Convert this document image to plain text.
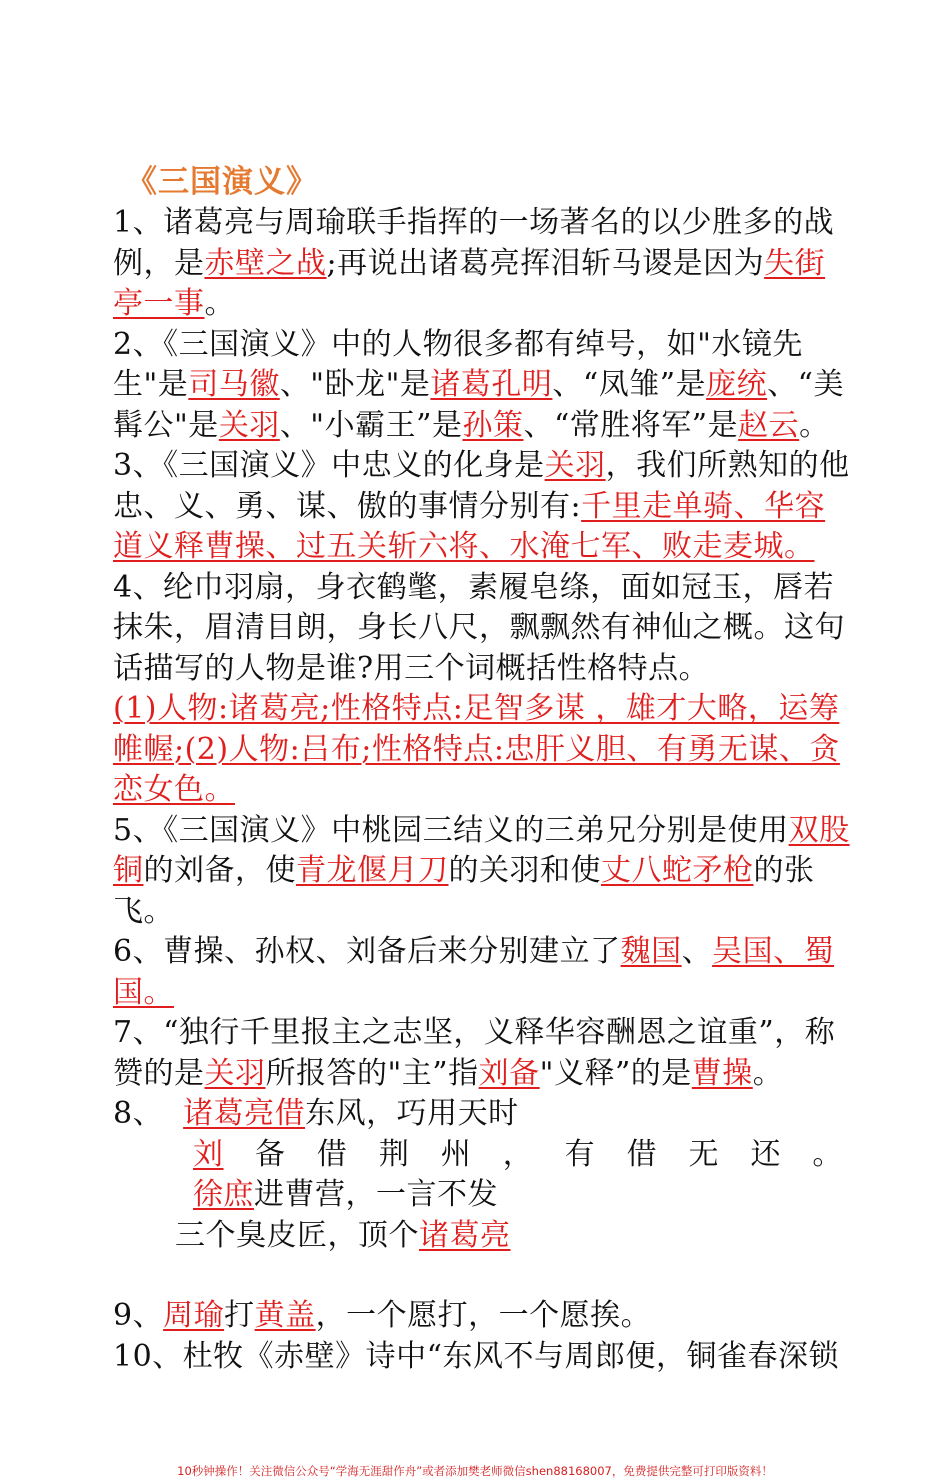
《三国演义》
1、诸葛亮与周瑜联手指挥的一场著名的以少胜多的战例，是赤壁之战;再说出诸葛亮挥泪斩马谡是因为失街亭一事。
2、《三国演义》中的人物很多都有绰号，如"水镜先生"是司马徽、"卧龙"是诸葛孔明、“凤雏”是庞统、“美髯公"是关羽、"小霸王”是孙策、“常胜将军”是赵云。
3、《三国演义》中忠义的化身是关羽，我们所熟知的他忠、义、勇、谋、傲的事情分别有:千里走单骑、华容道义释曹操、过五关斩六将、水淹七军、败走麦城。
4、纶巾羽扇，身衣鹤氅，素履皂绦，面如冠玉，唇若抹朱，眉清目朗，身长八尺，飘飘然有神仙之概。这句话描写的人物是谁?用三个词概括性格特点。
(1)人物:诸葛亮;性格特点:足智多谋 ，雄才大略，运筹帷幄;(2)人物:吕布;性格特点:忠肝义胆、有勇无谋、贪恋女色。
5、《三国演义》中桃园三结义的三弟兄分别是使用双股铜的刘备，使青龙偃月刀的关羽和使丈八蛇矛枪的张飞。
6、曹操、孙权、刘备后来分别建立了魏国、吴国、蜀国。
7、“独行千里报主之志坚，义释华容酬恩之谊重”，称赞的是关羽所报答的"主”指刘备"义释”的是曹操。
8、 诸葛亮借东风，巧用天时
刘 备 借 荆 州 ， 有 借 无 还 。
徐庶进曹营，一言不发
三个臭皮匠，顶个诸葛亮
9、周瑜打黄盖，一个愿打，一个愿挨。
10、杜牧《赤壁》诗中“东风不与周郎便，铜雀春深锁
10秒钟操作！关注微信公众号“学海无涯甜作舟”或者添加樊老师微信shen88168007，免费提供完整可打印版资料！
